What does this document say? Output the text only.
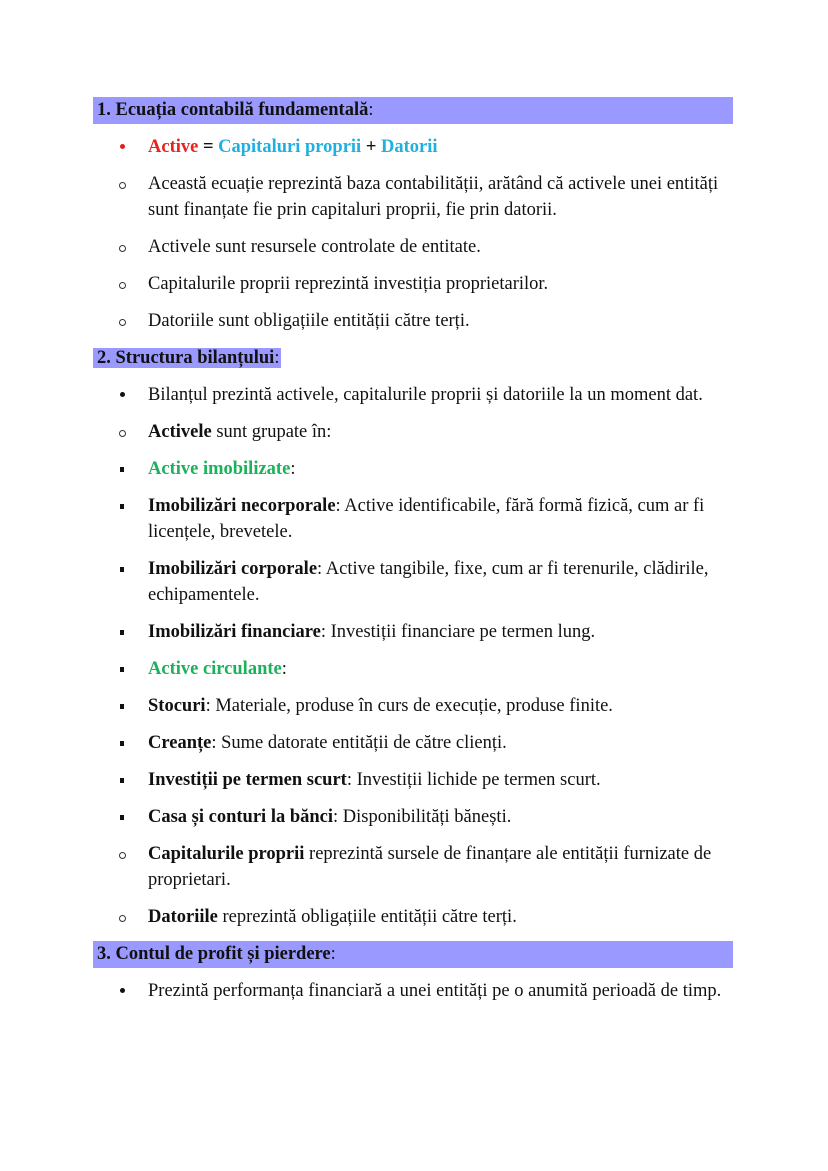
1. Ecuația contabilă fundamentală:
Active = Capitaluri proprii + Datorii
Această ecuație reprezintă baza contabilității, arătând că activele unei entități sunt finanțate fie prin capitaluri proprii, fie prin datorii.
Activele sunt resursele controlate de entitate.
Capitalurile proprii reprezintă investiția proprietarilor.
Datoriile sunt obligațiile entității către terți.
2. Structura bilanțului:
Bilanțul prezintă activele, capitalurile proprii și datoriile la un moment dat.
Activele sunt grupate în:
Active imobilizate:
Imobilizări necorporale: Active identificabile, fără formă fizică, cum ar fi licențele, brevetele.
Imobilizări corporale: Active tangibile, fixe, cum ar fi terenurile, clădirile, echipamentele.
Imobilizări financiare: Investiții financiare pe termen lung.
Active circulante:
Stocuri: Materiale, produse în curs de execuție, produse finite.
Creanțe: Sume datorate entității de către clienți.
Investiții pe termen scurt: Investiții lichide pe termen scurt.
Casa și conturi la bănci: Disponibilități bănești.
Capitalurile proprii reprezintă sursele de finanțare ale entității furnizate de proprietari.
Datoriile reprezintă obligațiile entității către terți.
3. Contul de profit și pierdere:
Prezintă performanța financiară a unei entități pe o anumită perioadă de timp.
